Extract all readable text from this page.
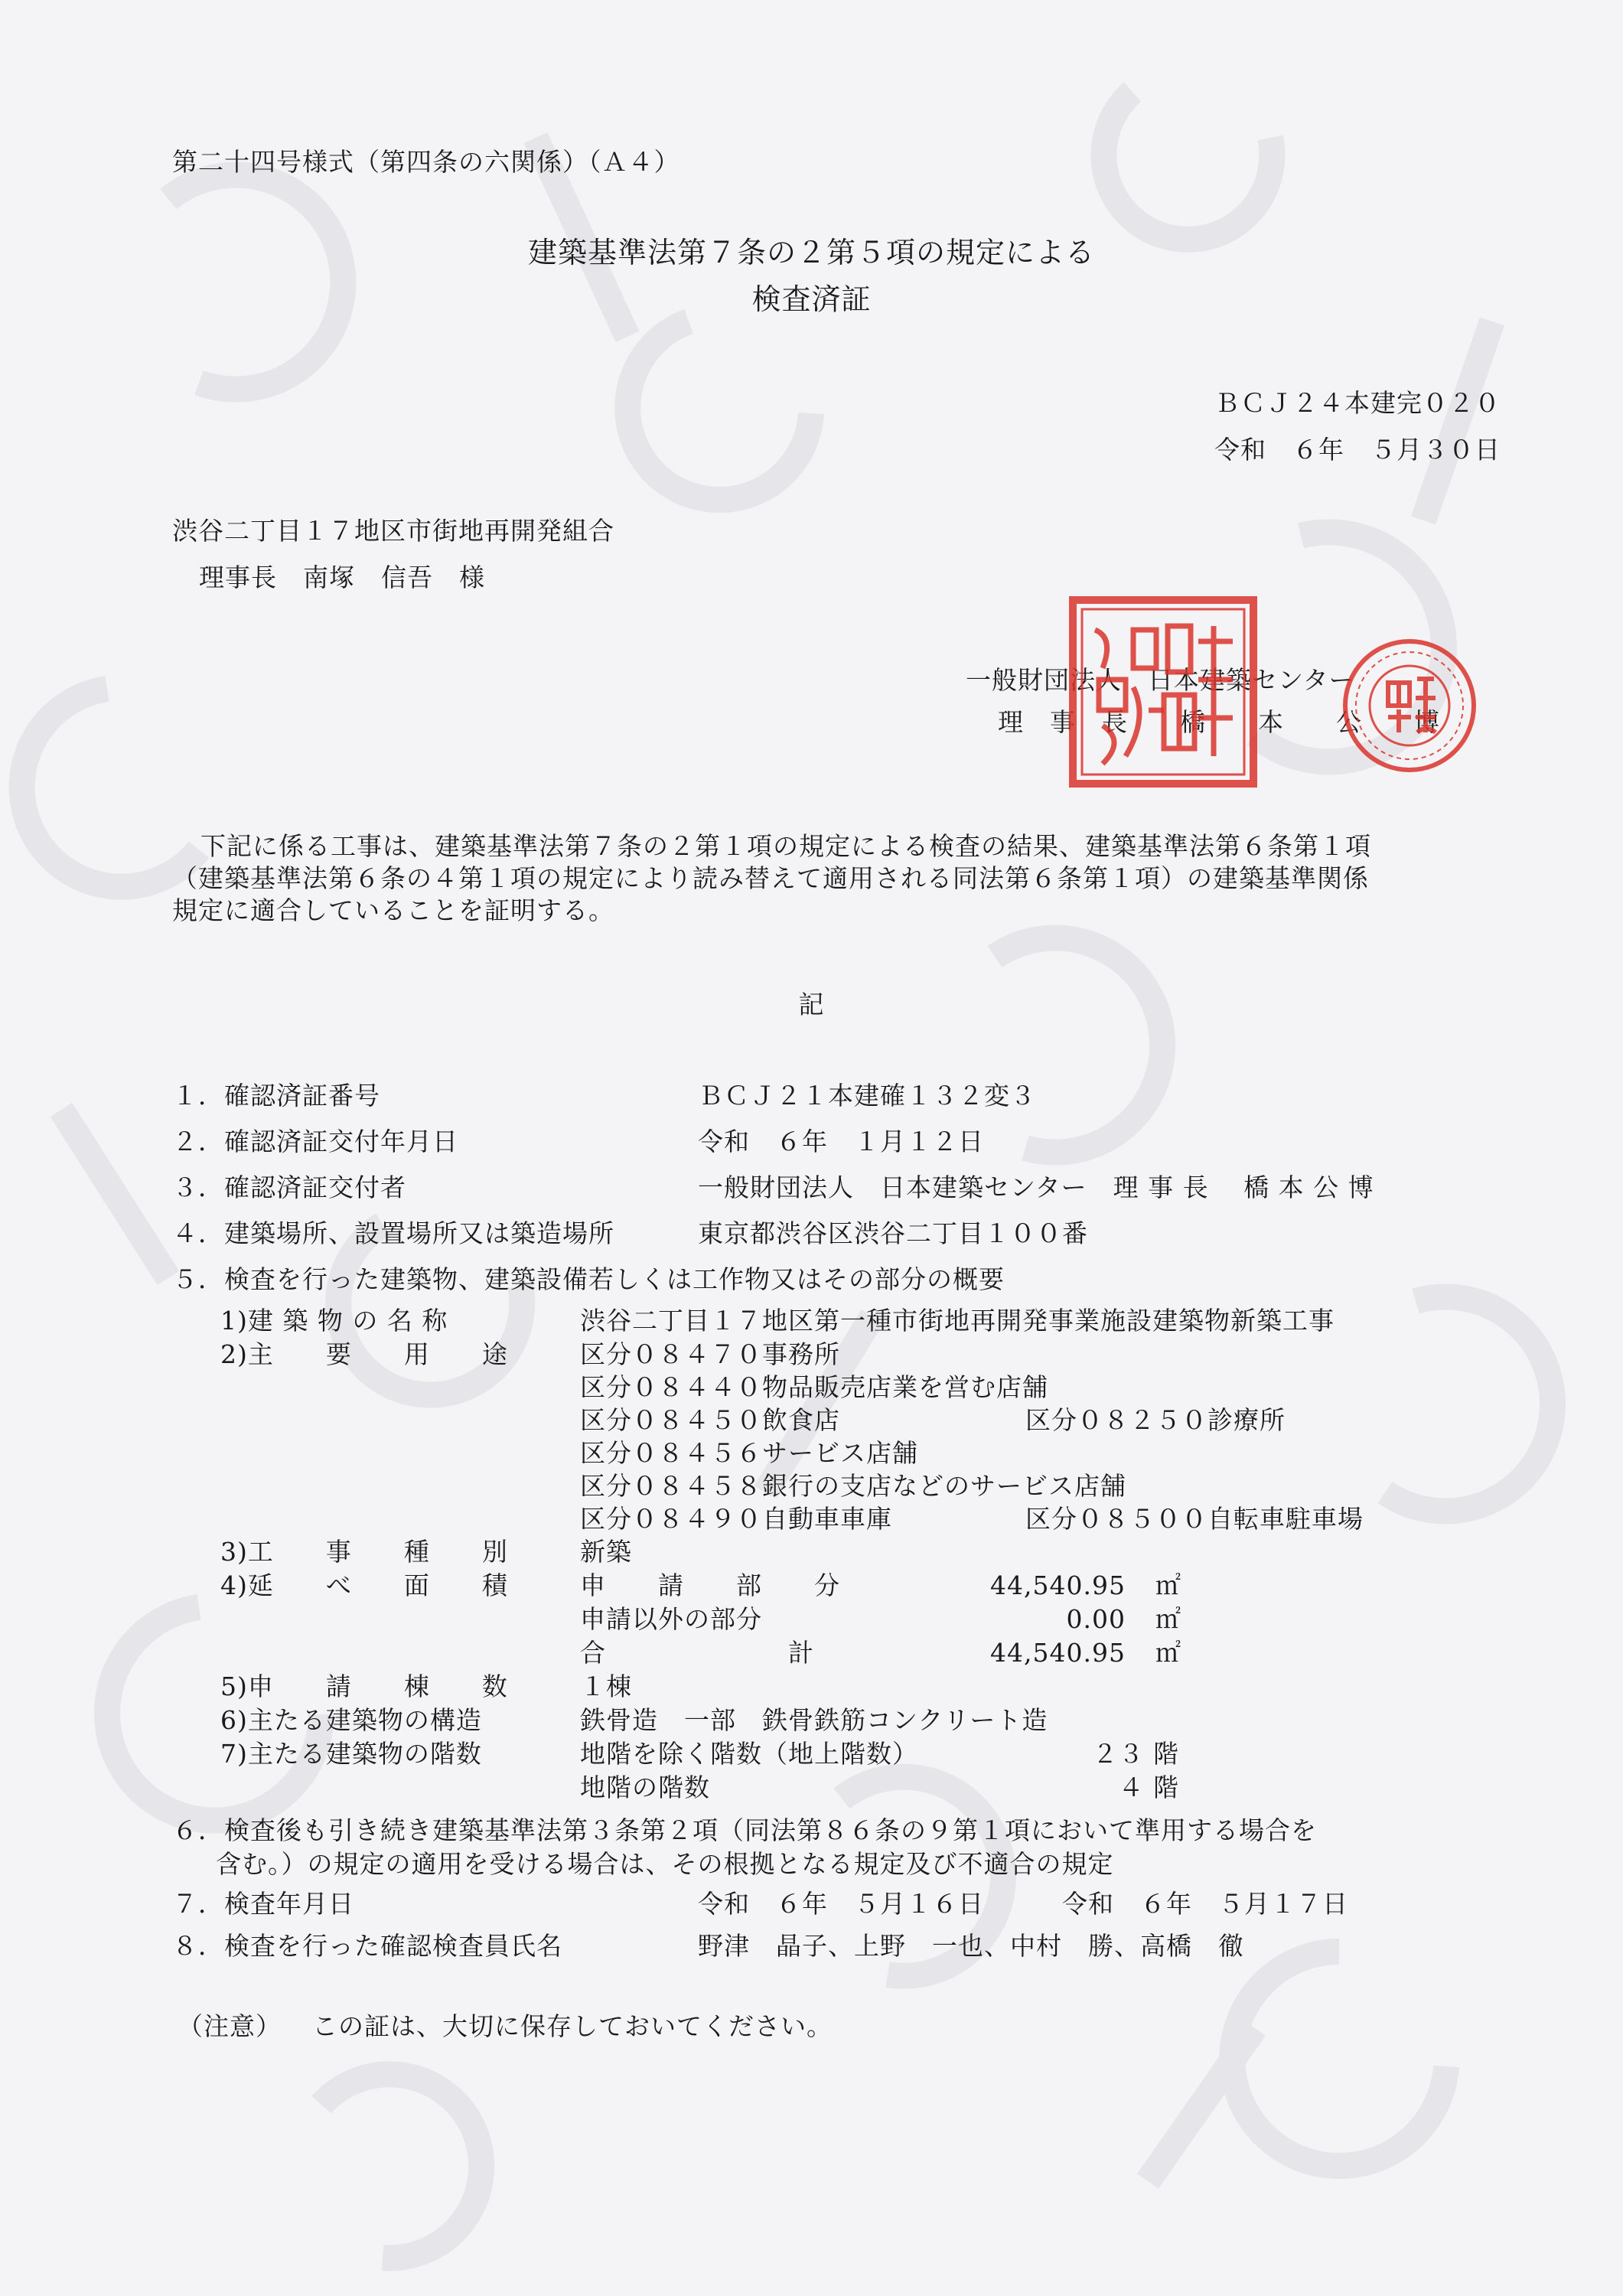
第二十四号様式（第四条の六関係）（Ａ４）
建築基準法第７条の２第５項の規定による
検査済証
ＢＣＪ２４本建完０２０
令和　６年　５月３０日
渋谷二丁目１７地区市街地再開発組合
理事長　南塚　信吾　様
一般財団法人　日本建築センター
理　事　長　　橋　　本　　公　　博
下記に係る工事は、建築基準法第７条の２第１項の規定による検査の結果、建築基準法第６条第１項
（建築基準法第６条の４第１項の規定により読み替えて適用される同法第６条第１項）の建築基準関係
規定に適合していることを証明する。
記
１．確認済証番号	ＢＣＪ２１本建確１３２変３
２．確認済証交付年月日	令和　６年　１月１２日
３．確認済証交付者	一般財団法人　日本建築センター　理 事 長　 橋 本 公 博
４．建築場所、設置場所又は築造場所	東京都渋谷区渋谷二丁目１００番
５．検査を行った建築物、建築設備若しくは工作物又はその部分の概要
1)建 築 物 の 名 称	渋谷二丁目１７地区第一種市街地再開発事業施設建築物新築工事
2)主　　要　　用　　途	区分０８４７０事務所
区分０８４４０物品販売店業を営む店舗
区分０８４５０飲食店	区分０８２５０診療所
区分０８４５６サービス店舗
区分０８４５８銀行の支店などのサービス店舗
区分０８４９０自動車車庫	区分０８５００自転車駐車場
3)工　　事　　種　　別	新築
4)延　　べ　　面　　積	申　　請　　部　　分	44,540.95 ㎡
申請以外の部分	0.00 ㎡
合　　　　　　　計	44,540.95 ㎡
5)申　　請　　棟　　数	１棟
6)主たる建築物の構造	鉄骨造　一部　鉄骨鉄筋コンクリート造
7)主たる建築物の階数	地階を除く階数（地上階数）	２３ 階
地階の階数	４ 階
６．検査後も引き続き建築基準法第３条第２項（同法第８６条の９第１項において準用する場合を
含む。）の規定の適用を受ける場合は、その根拠となる規定及び不適合の規定
７．検査年月日	令和　６年　５月１６日　　　令和　６年　５月１７日
８．検査を行った確認検査員氏名	野津　晶子、上野　一也、中村　勝、高橋　徹
（注意） この証は、大切に保存しておいてください。
